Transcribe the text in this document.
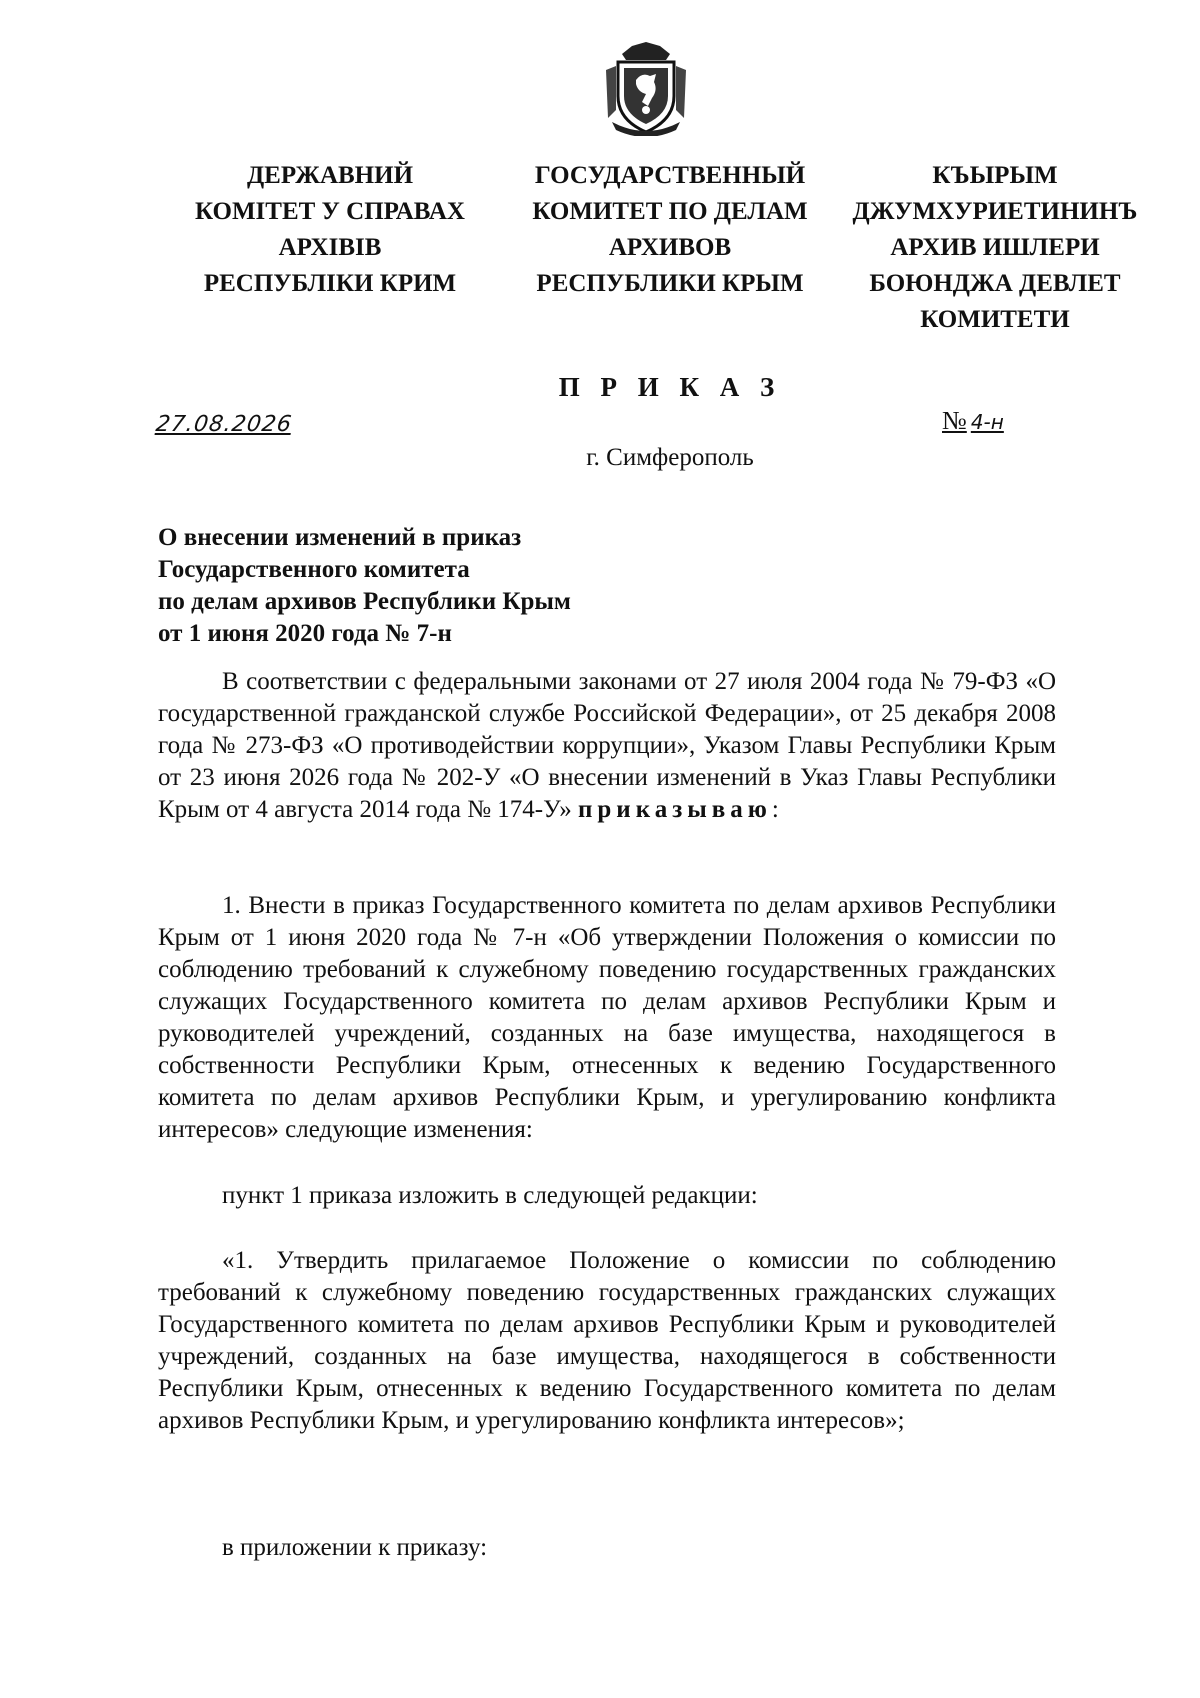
ДЕРЖАВНИЙ
КОМІТЕТ У СПРАВАХ
АРХІВІВ
РЕСПУБЛІКИ КРИМ
ГОСУДАРСТВЕННЫЙ
КОМИТЕТ ПО ДЕЛАМ
АРХИВОВ
РЕСПУБЛИКИ КРЫМ
КЪЫРЫМ
ДЖУМХУРИЕТИНИНЪ
АРХИВ ИШЛЕРИ
БОЮНДЖА ДЕВЛЕТ
КОМИТЕТИ
П Р И К А З
27.08.2026	№ 4-н
г. Симферополь
О внесении изменений в приказ
Государственного комитета
по делам архивов Республики Крым
от 1 июня 2020 года № 7-н

В соответствии с федеральными законами от 27 июля 2004 года № 79-ФЗ «О государственной гражданской службе Российской Федерации», от 25 декабря 2008 года № 273-ФЗ «О противодействии коррупции», Указом Главы Республики Крым от 23 июня 2026 года № 202-У «О внесении изменений в Указ Главы Республики Крым от 4 августа 2014 года № 174-У» приказываю:

1. Внести в приказ Государственного комитета по делам архивов Республики Крым от 1 июня 2020 года № 7-н «Об утверждении Положения о комиссии по соблюдению требований к служебному поведению государственных гражданских служащих Государственного комитета по делам архивов Республики Крым и руководителей учреждений, созданных на базе имущества, находящегося в собственности Республики Крым, отнесенных к ведению Государственного комитета по делам архивов Республики Крым, и урегулированию конфликта интересов» следующие изменения:

пункт 1 приказа изложить в следующей редакции:

«1. Утвердить прилагаемое Положение о комиссии по соблюдению требований к служебному поведению государственных гражданских служащих Государственного комитета по делам архивов Республики Крым и руководителей учреждений, созданных на базе имущества, находящегося в собственности Республики Крым, отнесенных к ведению Государственного комитета по делам архивов Республики Крым, и урегулированию конфликта интересов»;

в приложении к приказу:
